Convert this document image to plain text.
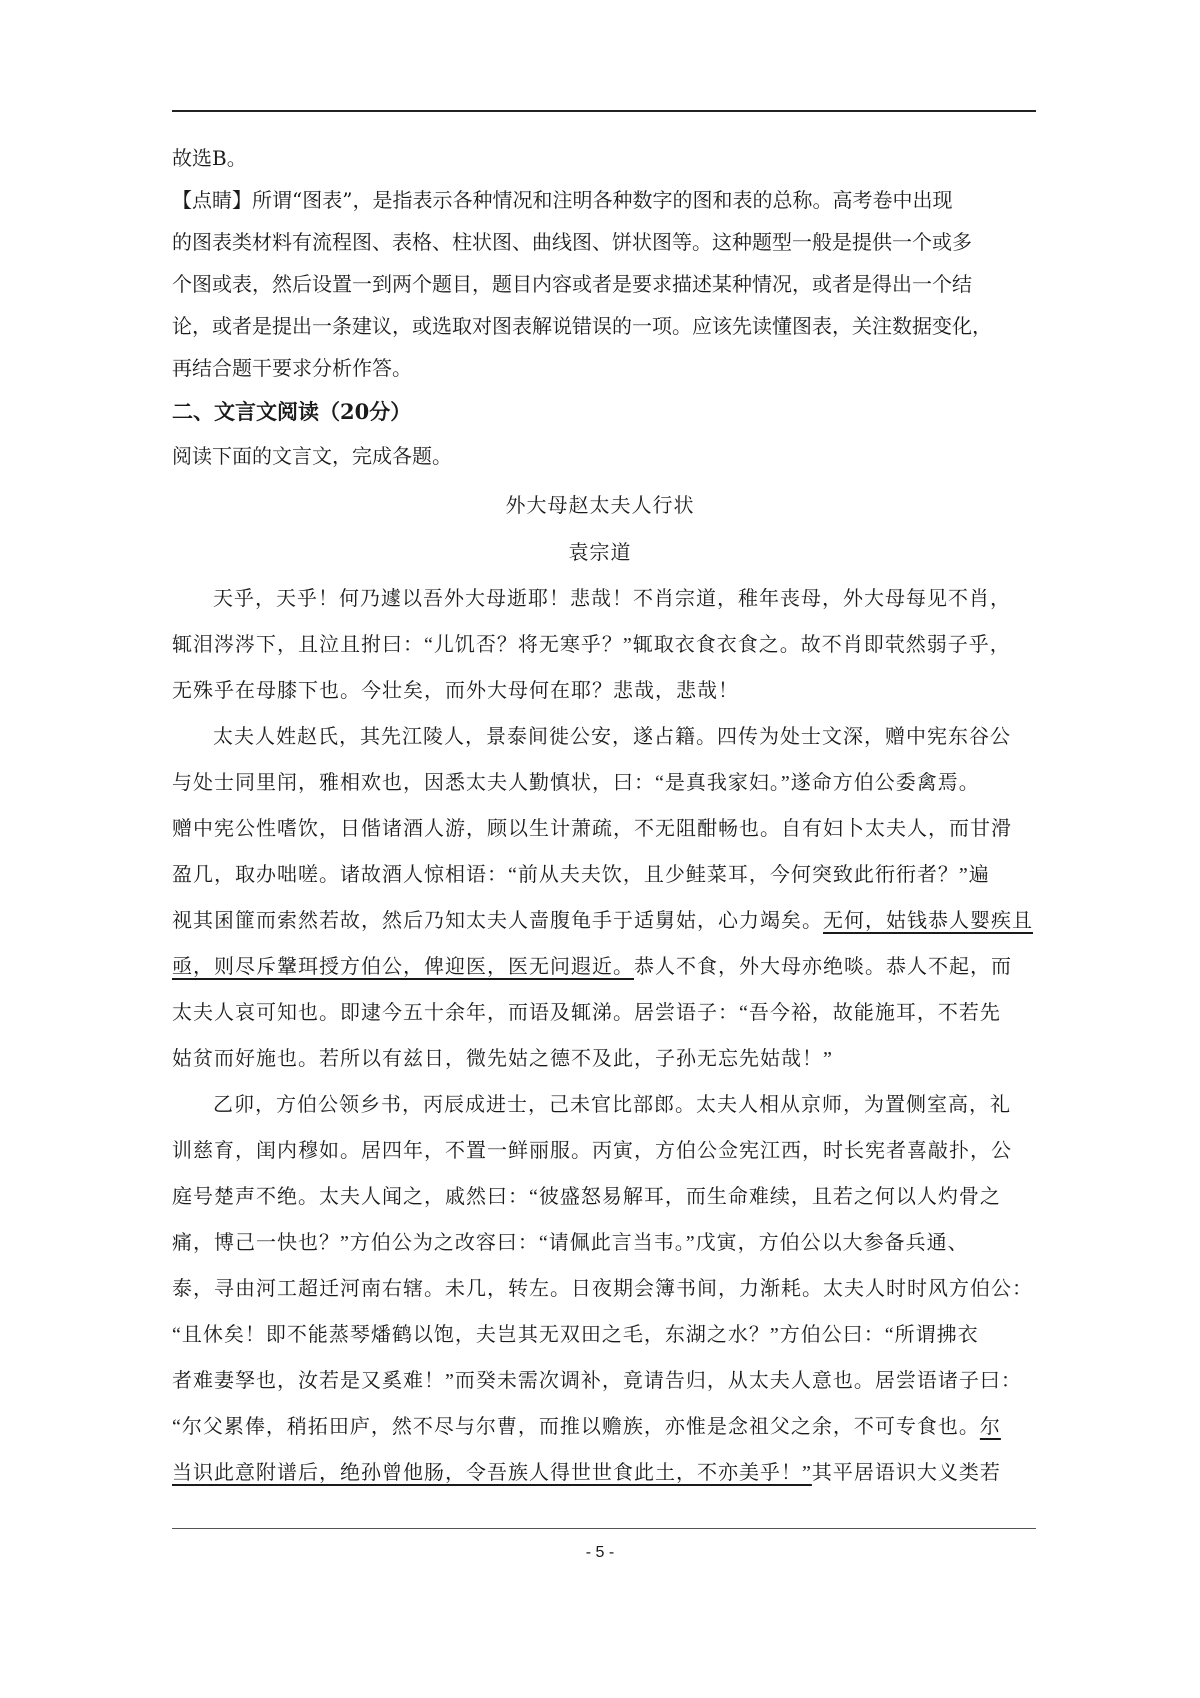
故选B。
【点睛】所谓“图表”，是指表示各种情况和注明各种数字的图和表的总称。高考卷中出现
的图表类材料有流程图、表格、柱状图、曲线图、饼状图等。这种题型一般是提供一个或多
个图或表，然后设置一到两个题目，题目内容或者是要求描述某种情况，或者是得出一个结
论，或者是提出一条建议，或选取对图表解说错误的一项。应该先读懂图表，关注数据变化，
再结合题干要求分析作答。
二、文言文阅读（20分）
阅读下面的文言文，完成各题。
外大母赵太夫人行状
袁宗道
天乎，天乎！何乃遽以吾外大母逝耶！悲哉！不肖宗道，稚年丧母，外大母每见不肖，
辄泪涔涔下，且泣且拊曰：“儿饥否？将无寒乎？”辄取衣食衣食之。故不肖即茕然弱子乎，
无殊乎在母膝下也。今壮矣，而外大母何在耶？悲哉，悲哉！
太夫人姓赵氏，其先江陵人，景泰间徙公安，遂占籍。四传为处士文深，赠中宪东谷公
与处士同里闬，雅相欢也，因悉太夫人勤慎状，曰：“是真我家妇。”遂命方伯公委禽焉。
赠中宪公性嗜饮，日偕诸酒人游，顾以生计萧疏，不无阻酣畅也。自有妇卜太夫人，而甘滑
盈几，取办咄嗟。诸故酒人惊相语：“前从夫夫饮，且少鲑菜耳，今何突致此衎衎者？”遍
视其囷篚而索然若故，然后乃知太夫人啬腹龟手于适舅姑，心力竭矣。无何，姑钱恭人婴疾且
亟，则尽斥鞶珥授方伯公，俾迎医，医无问遐近。恭人不食，外大母亦绝啖。恭人不起，而
太夫人哀可知也。即逮今五十余年，而语及辄涕。居尝语子：“吾今裕，故能施耳，不若先
姑贫而好施也。若所以有兹日，微先姑之德不及此，子孙无忘先姑哉！”
乙卯，方伯公领乡书，丙辰成进士，己未官比部郎。太夫人相从京师，为置侧室高，礼
训慈育，闺内穆如。居四年，不置一鲜丽服。丙寅，方伯公佥宪江西，时长宪者喜敲扑，公
庭号楚声不绝。太夫人闻之，戚然曰：“彼盛怒易解耳，而生命难续，且若之何以人灼骨之
痛，博己一快也？”方伯公为之改容曰：“请佩此言当韦。”戊寅，方伯公以大参备兵通、
泰，寻由河工超迁河南右辖。未几，转左。日夜期会簿书间，力渐耗。太夫人时时风方伯公：
“且休矣！即不能蒸琴燔鹤以饱，夫岂其无双田之毛，东湖之水？”方伯公曰：“所谓拂衣
者难妻孥也，汝若是又奚难！”而癸未需次调补，竟请告归，从太夫人意也。居尝语诸子曰：
“尔父累俸，稍拓田庐，然不尽与尔曹，而推以赡族，亦惟是念祖父之余，不可专食也。尔
当识此意附谱后，绝孙曾他肠，令吾族人得世世食此土，不亦美乎！”其平居语识大义类若
- 5 -
